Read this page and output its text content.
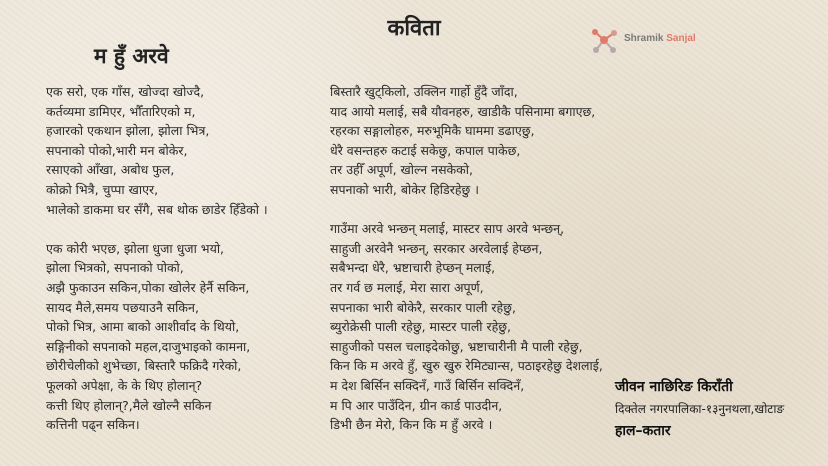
कविता
म हुँ अरवे
Shramik Sanjal
एक सरो, एक गाँस, खोज्दा खोज्दै,
कर्तव्यमा डामिएर, भौँतारिएको म,
हजारको एकथान झोला, झोला भित्र,
सपनाको पोको,भारी मन बोकेर,
रसाएको आँखा, अबोध फुल,
कोक्रो भित्रै, चुप्पा खाएर,
भालेको डाकमा घर सँगै, सब थोक छाडेर हिँडेको ।
एक कोरी भएछ, झोला धुजा धुजा भयो,
झोला भित्रको, सपनाको पोको,
अझै फुकाउन सकिन,पोका खोलेर हेर्नै सकिन,
सायद मैले,समय पछयाउनै सकिन,
पोको भित्र, आमा बाको आशीर्वाद के थियो,
सङ्गिनीको सपनाको महल,दाजुभाइको कामना,
छोरीचेलीको शुभेच्छा, बिस्तारै फक्रिदै गरेको,
फूलको अपेक्षा, के के थिए होलान्?
कत्ती थिए होलान्?,मैले खोल्नै सकिन
कत्तिनी पढ्न सकिन।
बिस्तारै खुट्किलो, उक्लिन गार्हो हुँदै जाँदा,
याद आयो मलाई, सबै यौवनहरु, खाडीकै पसिनामा बगाएछ,
रहरका सङ्गालोहरु, मरुभूमिकै घाममा डढाएछु,
धेरै वसन्तहरु कटाई सकेछु, कपाल पाकेछ,
तर उहीँ अपूर्ण, खोल्न नसकेको,
सपनाको भारी, बोकेर हिडिरहेछु ।
गाउँमा अरवे भन्छन् मलाई, मास्टर साप अरवे भन्छन्,
साहुजी अरवेनै भन्छन्, सरकार अरवेलाई हेप्छन,
सबैभन्दा धेरै, भ्रष्टाचारी हेप्छन् मलाई,
तर गर्व छ मलाई, मेरा सारा अपूर्ण,
सपनाका भारी बोकेरै, सरकार पाली रहेछु,
ब्युरोक्रेसी पाली रहेछु, मास्टर पाली रहेछु,
साहुजीको पसल चलाइदेकोछु, भ्रष्टाचारीनी मै पाली रहेछु,
किन कि म अरवे हुँ, खुरु खुरु रेमिट्यान्स, पठाइरहेछु देशलाई,
म देश बिर्सिन सक्दिनँ, गाउँ बिर्सिन सक्दिनँ,
म पि आर पाउँदिन, ग्रीन कार्ड पाउदीन,
डिभी छैन मेरो, किन कि म हुँ अरवे ।
जीवन नाछिरिङ किराँती
दिक्तेल नगरपालिका-१३नुनथला,खोटाङ
हाल–कतार
